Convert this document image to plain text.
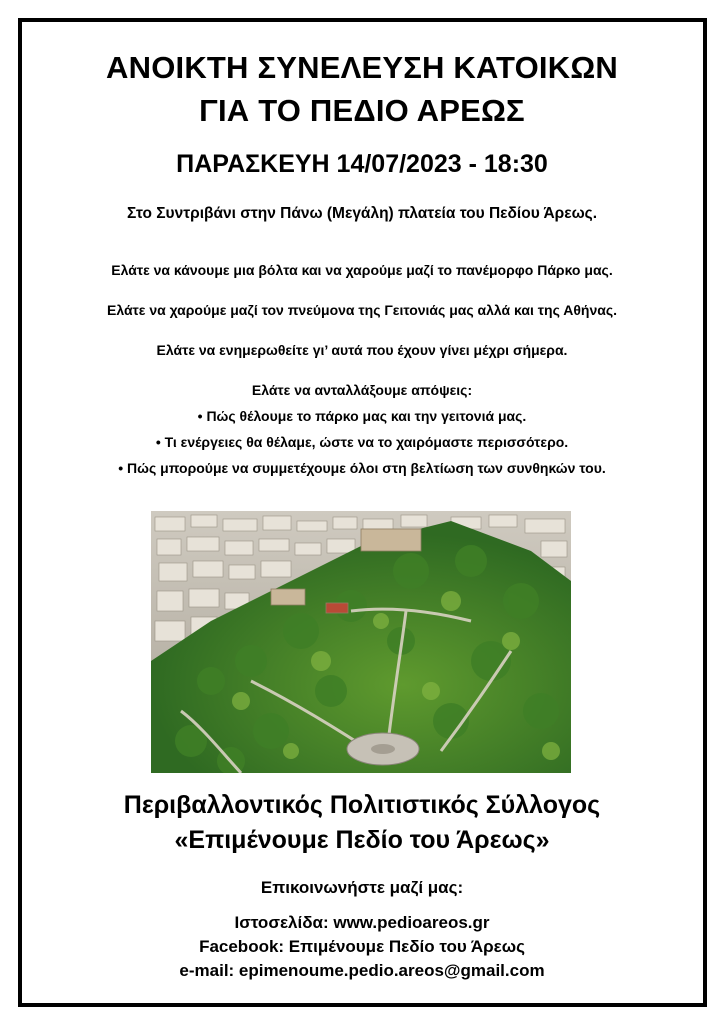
ΑΝΟΙΚΤΗ ΣΥΝΕΛΕΥΣΗ ΚΑΤΟΙΚΩΝ
ΓΙΑ ΤΟ ΠΕΔΙΟ ΑΡΕΩΣ
ΠΑΡΑΣΚΕΥΗ 14/07/2023 - 18:30
Στο Συντριβάνι στην Πάνω (Μεγάλη) πλατεία του Πεδίου Άρεως.
Ελάτε να κάνουμε μια βόλτα και να χαρούμε μαζί το πανέμορφο Πάρκο μας.
Ελάτε να χαρούμε μαζί τον πνεύμονα της Γειτονιάς μας αλλά και της Αθήνας.
Ελάτε να ενημερωθείτε γι’ αυτά που έχουν γίνει μέχρι σήμερα.
Ελάτε να ανταλλάξουμε απόψεις:
• Πώς θέλουμε το πάρκο μας και την γειτονιά μας.
• Τι ενέργειες θα θέλαμε, ώστε να το χαιρόμαστε περισσότερο.
• Πώς μπορούμε να συμμετέχουμε όλοι στη βελτίωση των συνθηκών του.
Περιβαλλοντικός Πολιτιστικός Σύλλογος
«Επιμένουμε Πεδίο του Άρεως»
Επικοινωνήστε μαζί μας:
Ιστοσελίδα: www.pedioareos.gr
Facebook: Επιμένουμε Πεδίο του Άρεως
e-mail: epimenoume.pedio.areos@gmail.com
